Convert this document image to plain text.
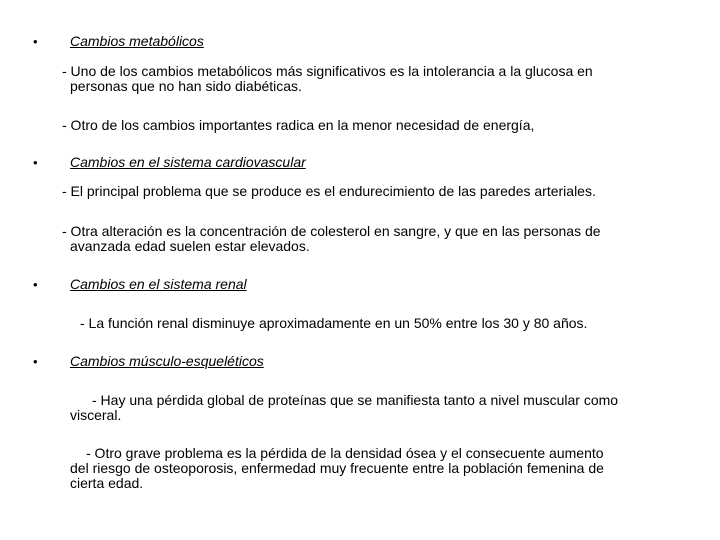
• Cambios metabólicos
- Uno de los cambios metabólicos más significativos es la intolerancia a la glucosa en
personas que no han sido diabéticas.
- Otro de los cambios importantes radica en la menor necesidad de energía,
• Cambios en el sistema cardiovascular
- El principal problema que se produce es el endurecimiento de las paredes arteriales.
- Otra alteración es la concentración de colesterol en sangre, y que en las personas de
avanzada edad suelen estar elevados.
• Cambios en el sistema renal
- La función renal disminuye aproximadamente en un 50% entre los 30 y 80 años.
• Cambios músculo-esqueléticos
- Hay una pérdida global de proteínas que se manifiesta tanto a nivel muscular como
visceral.
- Otro grave problema es la pérdida de la densidad ósea y el consecuente aumento
del riesgo de osteoporosis, enfermedad muy frecuente entre la población femenina de
cierta edad.
